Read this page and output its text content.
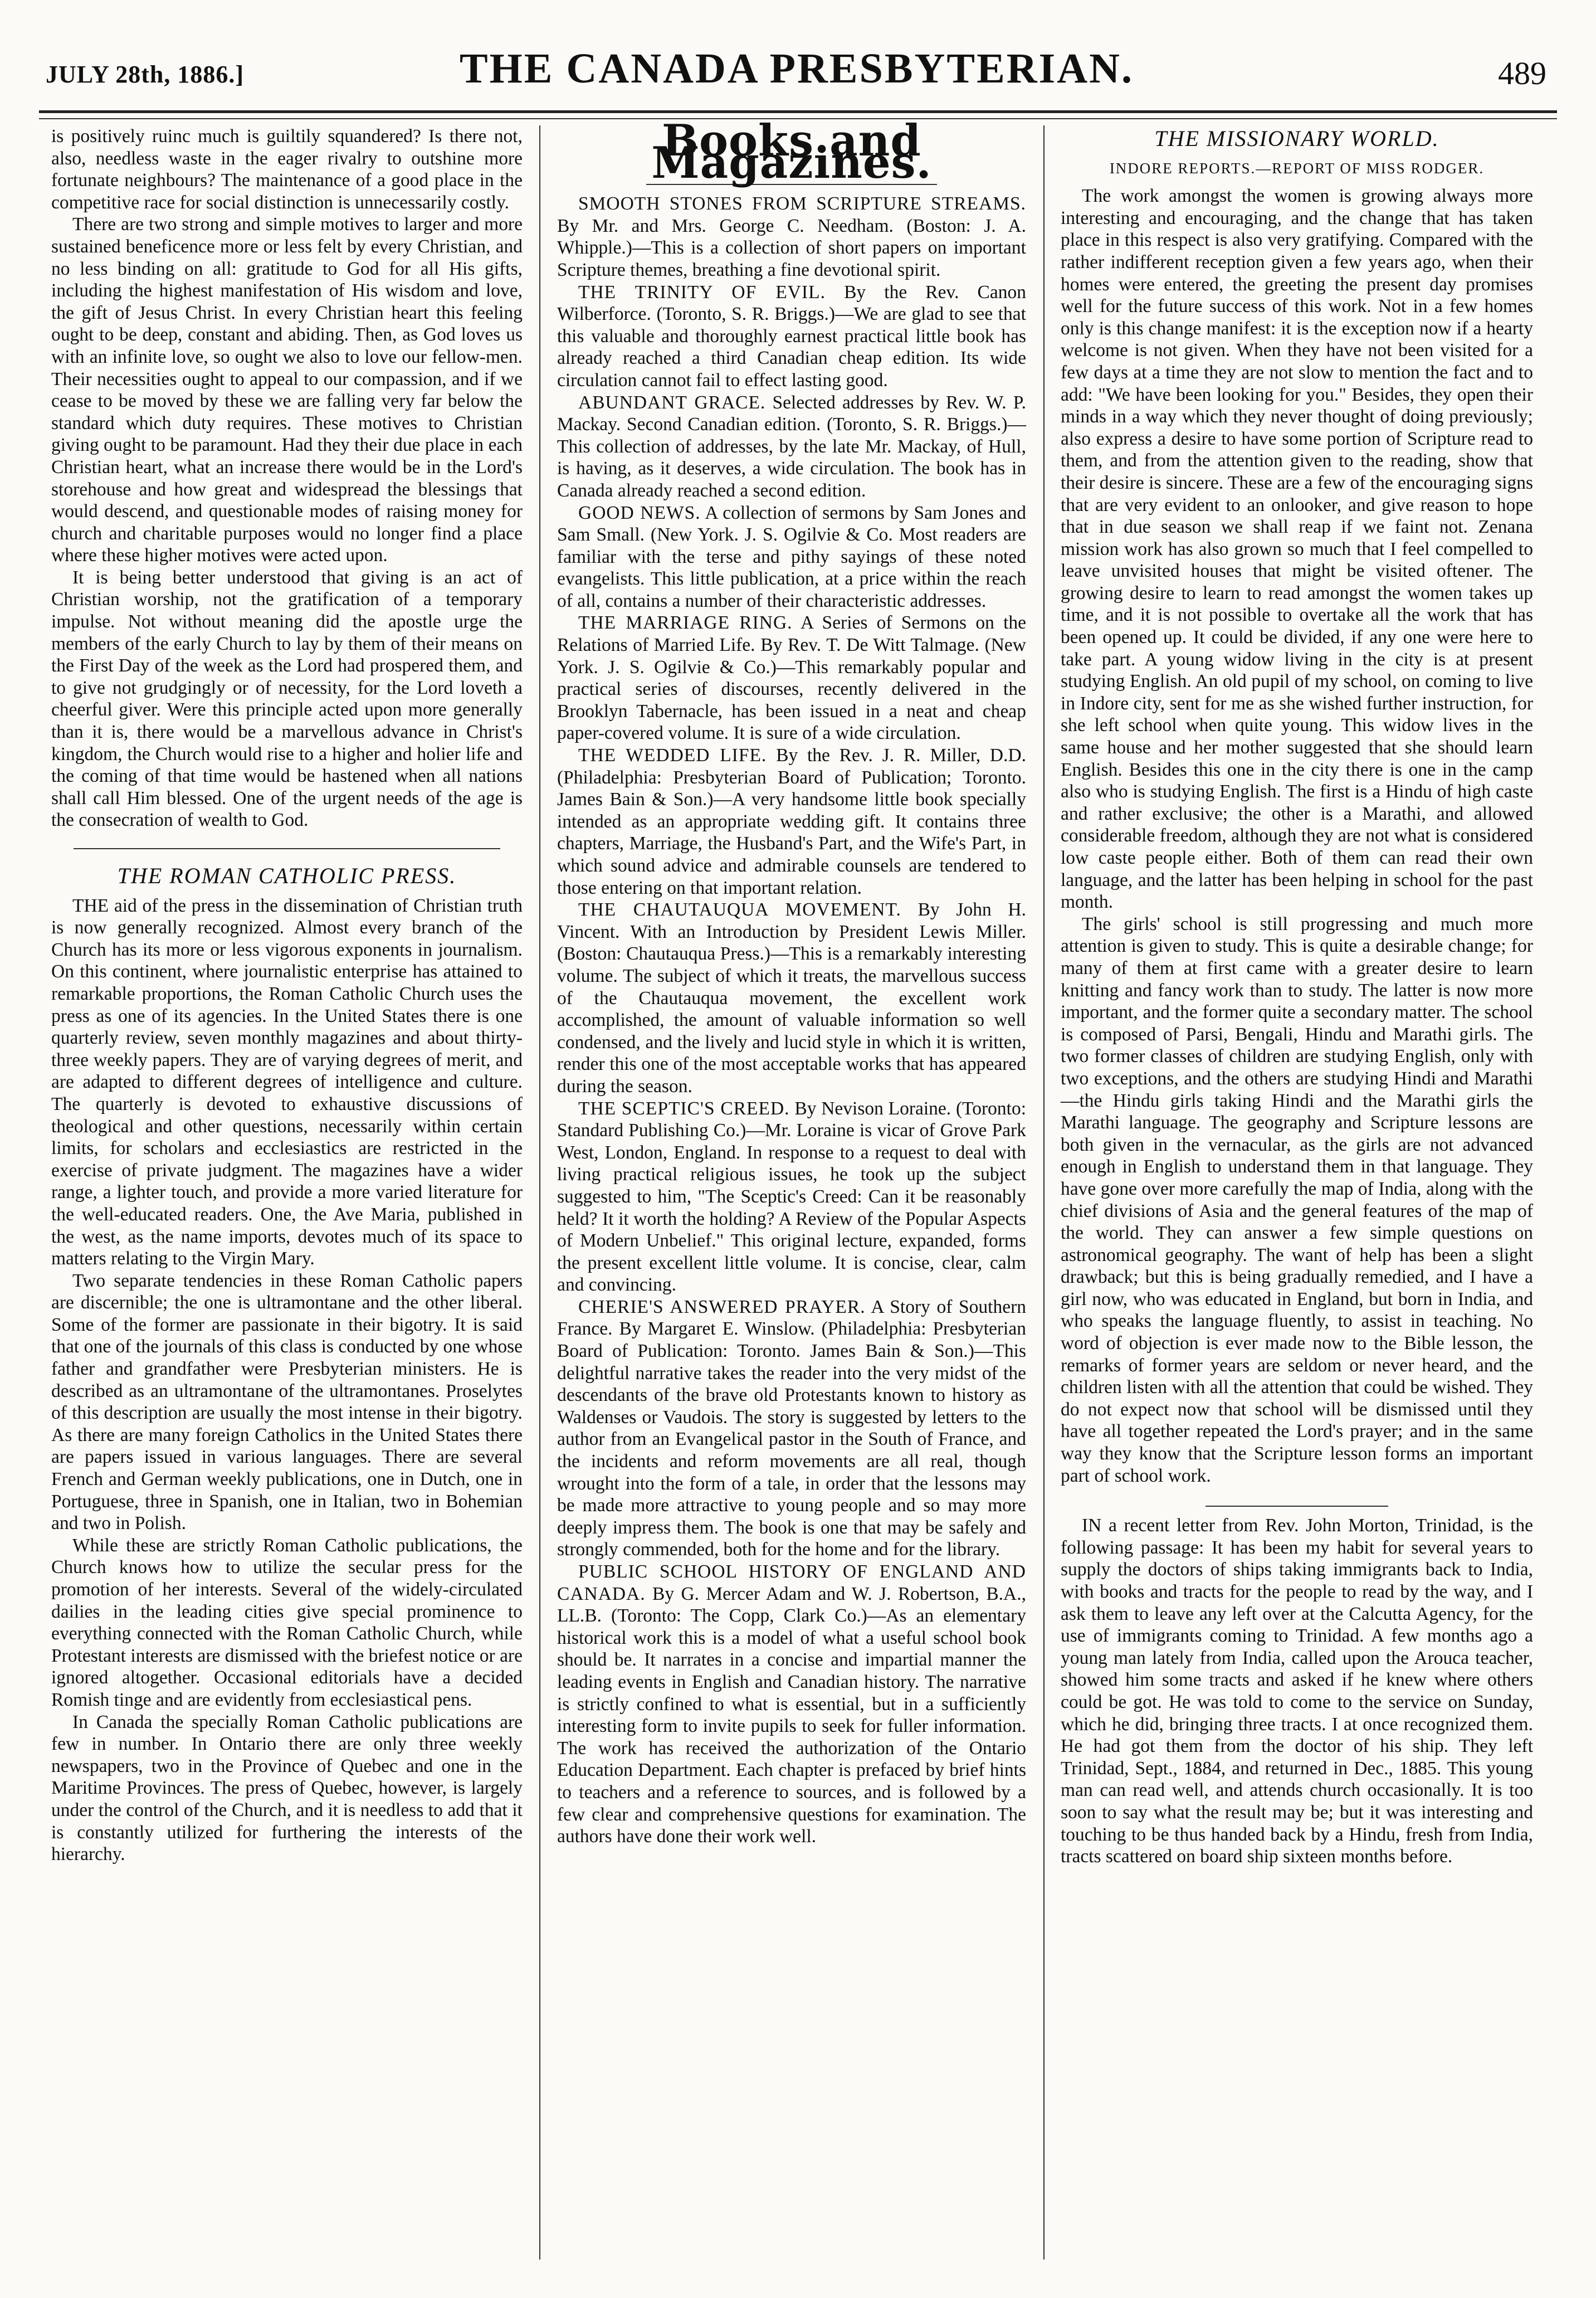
JULY 28th, 1886.]	THE CANADA PRESBYTERIAN.	489

is positively ruinc much is guiltily squandered? Is there not, also, needless waste in the eager rivalry to outshine more fortunate neighbours? The maintenance of a good place in the competitive race for social distinction is unnecessarily costly.

There are two strong and simple motives to larger and more sustained beneficence more or less felt by every Christian, and no less binding on all: gratitude to God for all His gifts, including the highest manifestation of His wisdom and love, the gift of Jesus Christ. In every Christian heart this feeling ought to be deep, constant and abiding. Then, as God loves us with an infinite love, so ought we also to love our fellow-men. Their necessities ought to appeal to our compassion, and if we cease to be moved by these we are falling very far below the standard which duty requires. These motives to Christian giving ought to be paramount. Had they their due place in each Christian heart, what an increase there would be in the Lord's storehouse and how great and widespread the blessings that would descend, and questionable modes of raising money for church and charitable purposes would no longer find a place where these higher motives were acted upon.

It is being better understood that giving is an act of Christian worship, not the gratification of a temporary impulse. Not without meaning did the apostle urge the members of the early Church to lay by them of their means on the First Day of the week as the Lord had prospered them, and to give not grudgingly or of necessity, for the Lord loveth a cheerful giver. Were this principle acted upon more generally than it is, there would be a marvellous advance in Christ's kingdom, the Church would rise to a higher and holier life and the coming of that time would be hastened when all nations shall call Him blessed. One of the urgent needs of the age is the consecration of wealth to God.

THE ROMAN CATHOLIC PRESS.

THE aid of the press in the dissemination of Christian truth is now generally recognized. Almost every branch of the Church has its more or less vigorous exponents in journalism. On this continent, where journalistic enterprise has attained to remarkable proportions, the Roman Catholic Church uses the press as one of its agencies. In the United States there is one quarterly review, seven monthly magazines and about thirty-three weekly papers. They are of varying degrees of merit, and are adapted to different degrees of intelligence and culture. The quarterly is devoted to exhaustive discussions of theological and other questions, necessarily within certain limits, for scholars and ecclesiastics are restricted in the exercise of private judgment. The magazines have a wider range, a lighter touch, and provide a more varied literature for the well-educated readers. One, the Ave Maria, published in the west, as the name imports, devotes much of its space to matters relating to the Virgin Mary.

Two separate tendencies in these Roman Catholic papers are discernible; the one is ultramontane and the other liberal. Some of the former are passionate in their bigotry. It is said that one of the journals of this class is conducted by one whose father and grandfather were Presbyterian ministers. He is described as an ultramontane of the ultramontanes. Proselytes of this description are usually the most intense in their bigotry. As there are many foreign Catholics in the United States there are papers issued in various languages. There are several French and German weekly publications, one in Dutch, one in Portuguese, three in Spanish, one in Italian, two in Bohemian and two in Polish.

While these are strictly Roman Catholic publications, the Church knows how to utilize the secular press for the promotion of her interests. Several of the widely-circulated dailies in the leading cities give special prominence to everything connected with the Roman Catholic Church, while Protestant interests are dismissed with the briefest notice or are ignored altogether. Occasional editorials have a decided Romish tinge and are evidently from ecclesiastical pens.

In Canada the specially Roman Catholic publications are few in number. In Ontario there are only three weekly newspapers, two in the Province of Quebec and one in the Maritime Provinces. The press of Quebec, however, is largely under the control of the Church, and it is needless to add that it is constantly utilized for furthering the interests of the hierarchy.

Books and Magazines.

SMOOTH STONES FROM SCRIPTURE STREAMS. By Mr. and Mrs. George C. Needham. (Boston: J. A. Whipple.)—This is a collection of short papers on important Scripture themes, breathing a fine devotional spirit.

THE TRINITY OF EVIL. By the Rev. Canon Wilberforce. (Toronto, S. R. Briggs.)—We are glad to see that this valuable and thoroughly earnest practical little book has already reached a third Canadian cheap edition. Its wide circulation cannot fail to effect lasting good.

ABUNDANT GRACE. Selected addresses by Rev. W. P. Mackay. Second Canadian edition. (Toronto, S. R. Briggs.)—This collection of addresses, by the late Mr. Mackay, of Hull, is having, as it deserves, a wide circulation. The book has in Canada already reached a second edition.

GOOD NEWS. A collection of sermons by Sam Jones and Sam Small. (New York. J. S. Ogilvie & Co. Most readers are familiar with the terse and pithy sayings of these noted evangelists. This little publication, at a price within the reach of all, contains a number of their characteristic addresses.

THE MARRIAGE RING. A Series of Sermons on the Relations of Married Life. By Rev. T. De Witt Talmage. (New York. J. S. Ogilvie & Co.)—This remarkably popular and practical series of discourses, recently delivered in the Brooklyn Tabernacle, has been issued in a neat and cheap paper-covered volume. It is sure of a wide circulation.

THE WEDDED LIFE. By the Rev. J. R. Miller, D.D. (Philadelphia: Presbyterian Board of Publication; Toronto. James Bain & Son.)—A very handsome little book specially intended as an appropriate wedding gift. It contains three chapters, Marriage, the Husband's Part, and the Wife's Part, in which sound advice and admirable counsels are tendered to those entering on that important relation.

THE CHAUTAUQUA MOVEMENT. By John H. Vincent. With an Introduction by President Lewis Miller. (Boston: Chautauqua Press.)—This is a remarkably interesting volume. The subject of which it treats, the marvellous success of the Chautauqua movement, the excellent work accomplished, the amount of valuable information so well condensed, and the lively and lucid style in which it is written, render this one of the most acceptable works that has appeared during the season.

THE SCEPTIC'S CREED. By Nevison Loraine. (Toronto: Standard Publishing Co.)—Mr. Loraine is vicar of Grove Park West, London, England. In response to a request to deal with living practical religious issues, he took up the subject suggested to him, "The Sceptic's Creed: Can it be reasonably held? It it worth the holding? A Review of the Popular Aspects of Modern Unbelief." This original lecture, expanded, forms the present excellent little volume. It is concise, clear, calm and convincing.

CHERIE'S ANSWERED PRAYER. A Story of Southern France. By Margaret E. Winslow. (Philadelphia: Presbyterian Board of Publication: Toronto. James Bain & Son.)—This delightful narrative takes the reader into the very midst of the descendants of the brave old Protestants known to history as Waldenses or Vaudois. The story is suggested by letters to the author from an Evangelical pastor in the South of France, and the incidents and reform movements are all real, though wrought into the form of a tale, in order that the lessons may be made more attractive to young people and so may more deeply impress them. The book is one that may be safely and strongly commended, both for the home and for the library.

PUBLIC SCHOOL HISTORY OF ENGLAND AND CANADA. By G. Mercer Adam and W. J. Robertson, B.A., LL.B. (Toronto: The Copp, Clark Co.)—As an elementary historical work this is a model of what a useful school book should be. It narrates in a concise and impartial manner the leading events in English and Canadian history. The narrative is strictly confined to what is essential, but in a sufficiently interesting form to invite pupils to seek for fuller information. The work has received the authorization of the Ontario Education Department. Each chapter is prefaced by brief hints to teachers and a reference to sources, and is followed by a few clear and comprehensive questions for examination. The authors have done their work well.

THE MISSIONARY WORLD.
INDORE REPORTS.—REPORT OF MISS RODGER.

The work amongst the women is growing always more interesting and encouraging, and the change that has taken place in this respect is also very gratifying. Compared with the rather indifferent reception given a few years ago, when their homes were entered, the greeting the present day promises well for the future success of this work. Not in a few homes only is this change manifest: it is the exception now if a hearty welcome is not given. When they have not been visited for a few days at a time they are not slow to mention the fact and to add: "We have been looking for you." Besides, they open their minds in a way which they never thought of doing previously; also express a desire to have some portion of Scripture read to them, and from the attention given to the reading, show that their desire is sincere. These are a few of the encouraging signs that are very evident to an onlooker, and give reason to hope that in due season we shall reap if we faint not. Zenana mission work has also grown so much that I feel compelled to leave unvisited houses that might be visited oftener. The growing desire to learn to read amongst the women takes up time, and it is not possible to overtake all the work that has been opened up. It could be divided, if any one were here to take part. A young widow living in the city is at present studying English. An old pupil of my school, on coming to live in Indore city, sent for me as she wished further instruction, for she left school when quite young. This widow lives in the same house and her mother suggested that she should learn English. Besides this one in the city there is one in the camp also who is studying English. The first is a Hindu of high caste and rather exclusive; the other is a Marathi, and allowed considerable freedom, although they are not what is considered low caste people either. Both of them can read their own language, and the latter has been helping in school for the past month.

The girls' school is still progressing and much more attention is given to study. This is quite a desirable change; for many of them at first came with a greater desire to learn knitting and fancy work than to study. The latter is now more important, and the former quite a secondary matter. The school is composed of Parsi, Bengali, Hindu and Marathi girls. The two former classes of children are studying English, only with two exceptions, and the others are studying Hindi and Marathi—the Hindu girls taking Hindi and the Marathi girls the Marathi language. The geography and Scripture lessons are both given in the vernacular, as the girls are not advanced enough in English to understand them in that language. They have gone over more carefully the map of India, along with the chief divisions of Asia and the general features of the map of the world. They can answer a few simple questions on astronomical geography. The want of help has been a slight drawback; but this is being gradually remedied, and I have a girl now, who was educated in England, but born in India, and who speaks the language fluently, to assist in teaching. No word of objection is ever made now to the Bible lesson, the remarks of former years are seldom or never heard, and the children listen with all the attention that could be wished. They do not expect now that school will be dismissed until they have all together repeated the Lord's prayer; and in the same way they know that the Scripture lesson forms an important part of school work.

IN a recent letter from Rev. John Morton, Trinidad, is the following passage: It has been my habit for several years to supply the doctors of ships taking immigrants back to India, with books and tracts for the people to read by the way, and I ask them to leave any left over at the Calcutta Agency, for the use of immigrants coming to Trinidad. A few months ago a young man lately from India, called upon the Arouca teacher, showed him some tracts and asked if he knew where others could be got. He was told to come to the service on Sunday, which he did, bringing three tracts. I at once recognized them. He had got them from the doctor of his ship. They left Trinidad, Sept., 1884, and returned in Dec., 1885. This young man can read well, and attends church occasionally. It is too soon to say what the result may be; but it was interesting and touching to be thus handed back by a Hindu, fresh from India, tracts scattered on board ship sixteen months before.
